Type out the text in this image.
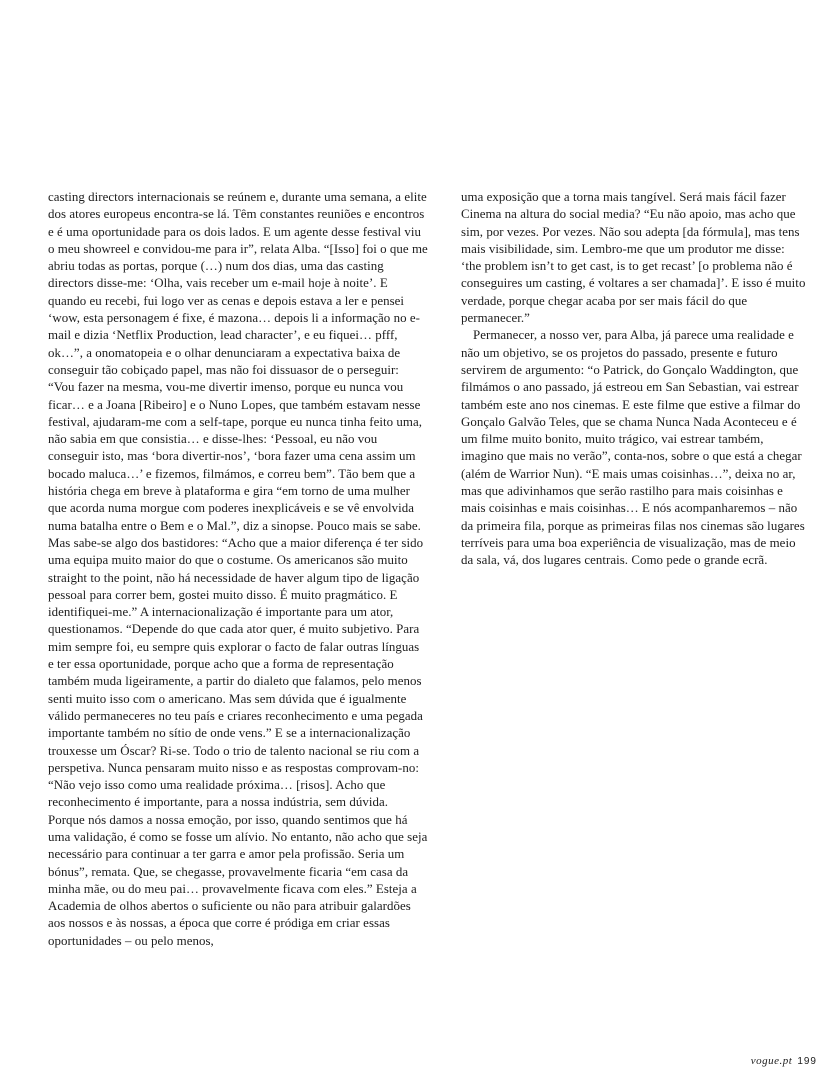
casting directors internacionais se reúnem e, durante uma semana, a elite dos atores europeus encontra-se lá. Têm constantes reuniões e encontros e é uma oportunidade para os dois lados. E um agente desse festival viu o meu showreel e convidou-me para ir”, relata Alba. “[Isso] foi o que me abriu todas as portas, porque (…) num dos dias, uma das casting directors disse-me: ‘Olha, vais receber um e-mail hoje à noite’. E quando eu recebi, fui logo ver as cenas e depois estava a ler e pensei ‘wow, esta personagem é fixe, é mazona… depois li a informação no e-mail e dizia ‘Netflix Production, lead character’, e eu fiquei… pfff, ok…”, a onomatopeia e o olhar denunciaram a expectativa baixa de conseguir tão cobiçado papel, mas não foi dissuasor de o perseguir: “Vou fazer na mesma, vou-me divertir imenso, porque eu nunca vou ficar… e a Joana [Ribeiro] e o Nuno Lopes, que também estavam nesse festival, ajudaram-me com a self-tape, porque eu nunca tinha feito uma, não sabia em que consistia… e disse-lhes: ‘Pessoal, eu não vou conseguir isto, mas ‘bora divertir-nos’, ‘bora fazer uma cena assim um bocado maluca…’ e fizemos, filmámos, e correu bem”. Tão bem que a história chega em breve à plataforma e gira “em torno de uma mulher que acorda numa morgue com poderes inexplicáveis e se vê envolvida numa batalha entre o Bem e o Mal.”, diz a sinopse. Pouco mais se sabe. Mas sabe-se algo dos bastidores: “Acho que a maior diferença é ter sido uma equipa muito maior do que o costume. Os americanos são muito straight to the point, não há necessidade de haver algum tipo de ligação pessoal para correr bem, gostei muito disso. É muito pragmático. E identifiquei-me.” A internacionalização é importante para um ator, questionamos. “Depende do que cada ator quer, é muito subjetivo. Para mim sempre foi, eu sempre quis explorar o facto de falar outras línguas e ter essa oportunidade, porque acho que a forma de representação também muda ligeiramente, a partir do dialeto que falamos, pelo menos senti muito isso com o americano. Mas sem dúvida que é igualmente válido permaneceres no teu país e criares reconhecimento e uma pegada importante também no sítio de onde vens.” E se a internacionalização trouxesse um Óscar? Ri-se. Todo o trio de talento nacional se riu com a perspetiva. Nunca pensaram muito nisso e as respostas comprovam-no: “Não vejo isso como uma realidade próxima… [risos]. Acho que reconhecimento é importante, para a nossa indústria, sem dúvida. Porque nós damos a nossa emoção, por isso, quando sentimos que há uma validação, é como se fosse um alívio. No entanto, não acho que seja necessário para continuar a ter garra e amor pela profissão. Seria um bónus”, remata. Que, se chegasse, provavelmente ficaria “em casa da minha mãe, ou do meu pai… provavelmente ficava com eles.” Esteja a Academia de olhos abertos o suficiente ou não para atribuir galardões aos nossos e às nossas, a época que corre é pródiga em criar essas oportunidades – ou pelo menos,

uma exposição que a torna mais tangível. Será mais fácil fazer Cinema na altura do social media? “Eu não apoio, mas acho que sim, por vezes. Por vezes. Não sou adepta [da fórmula], mas tens mais visibilidade, sim. Lembro-me que um produtor me disse: ‘the problem isn’t to get cast, is to get recast’ [o problema não é conseguires um casting, é voltares a ser chamada]’. E isso é muito verdade, porque chegar acaba por ser mais fácil do que permanecer.”

Permanecer, a nosso ver, para Alba, já parece uma realidade e não um objetivo, se os projetos do passado, presente e futuro servirem de argumento: “o Patrick, do Gonçalo Waddington, que filmámos o ano passado, já estreou em San Sebastian, vai estrear também este ano nos cinemas. E este filme que estive a filmar do Gonçalo Galvão Teles, que se chama Nunca Nada Aconteceu e é um filme muito bonito, muito trágico, vai estrear também, imagino que mais no verão”, conta-nos, sobre o que está a chegar (além de Warrior Nun). “E mais umas coisinhas…”, deixa no ar, mas que adivinhamos que serão rastilho para mais coisinhas e mais coisinhas e mais coisinhas… E nós acompanharemos – não da primeira fila, porque as primeiras filas nos cinemas são lugares terríveis para uma boa experiência de visualização, mas de meio da sala, vá, dos lugares centrais. Como pede o grande ecrã.

vogue.pt 199
